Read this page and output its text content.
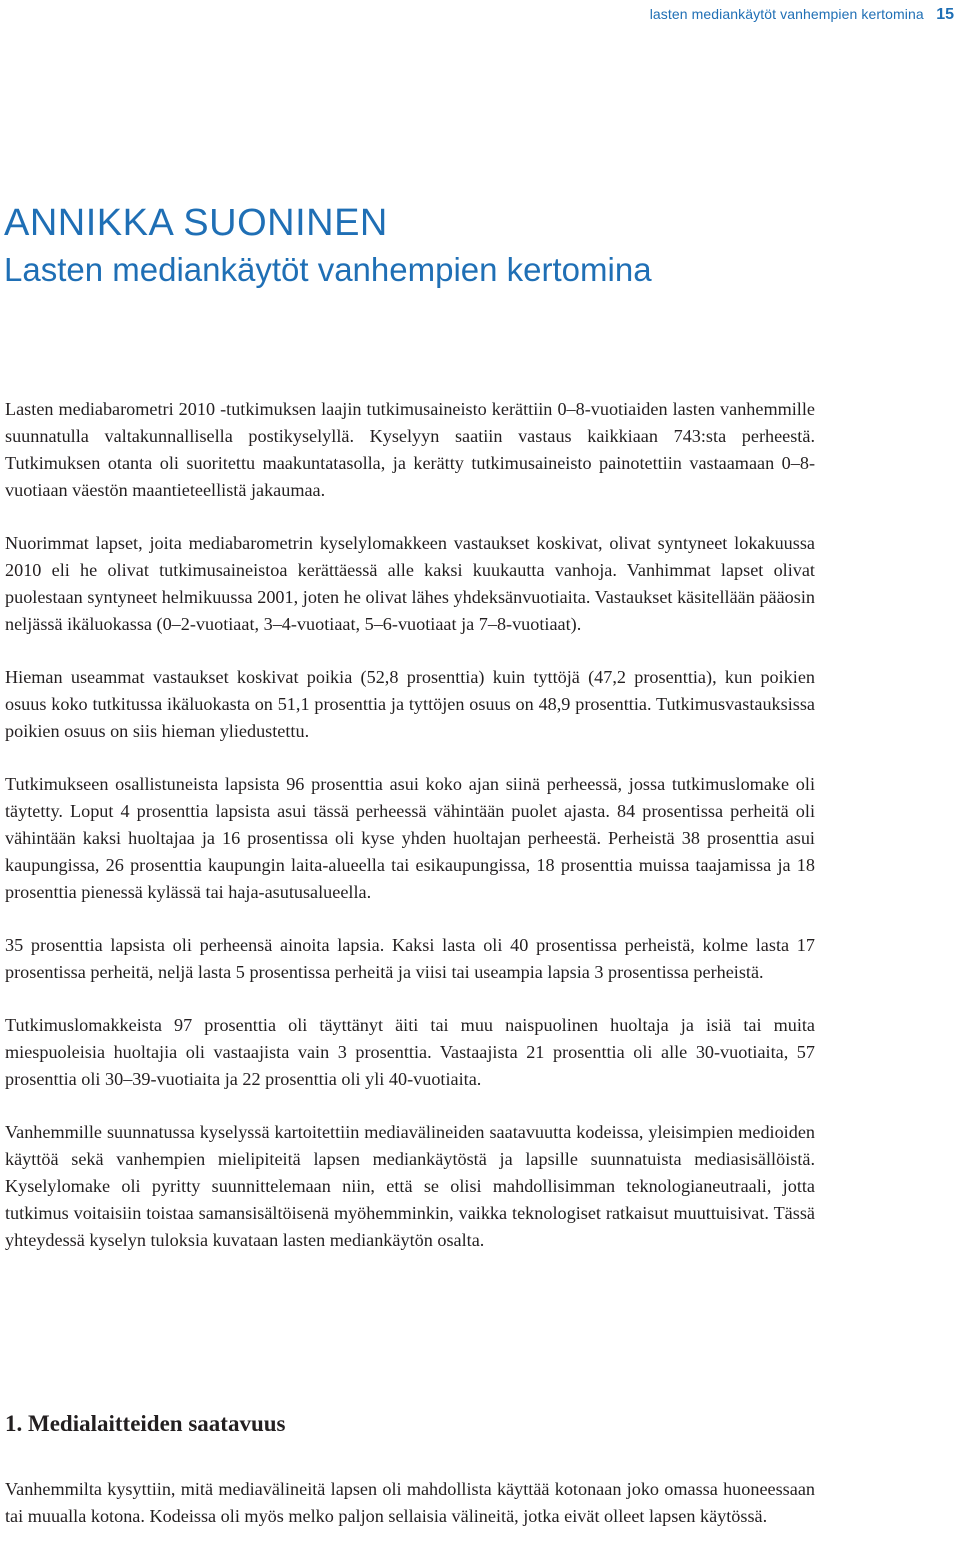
lasten mediankäytöt vanhempien kertomina 15
ANNIKKA SUONINEN
Lasten mediankäytöt vanhempien kertomina

Lasten mediabarometri 2010 -tutkimuksen laajin tutkimusaineisto kerättiin 0–8-vuotiaiden lasten vanhemmille suunnatulla valtakunnallisella postikyselyllä. Kyselyyn saatiin vastaus kaikkiaan 743:sta perheestä. Tutkimuksen otanta oli suoritettu maakuntatasolla, ja kerätty tutkimusaineisto painotettiin vastaamaan 0–8-vuotiaan väestön maantieteellistä jakaumaa.

Nuorimmat lapset, joita mediabarometrin kyselylomakkeen vastaukset koskivat, olivat syntyneet lokakuussa 2010 eli he olivat tutkimusaineistoa kerättäessä alle kaksi kuukautta vanhoja. Vanhimmat lapset olivat puolestaan syntyneet helmikuussa 2001, joten he olivat lähes yhdeksänvuotiaita. Vastaukset käsitellään pääosin neljässä ikäluokassa (0–2-vuotiaat, 3–4-vuotiaat, 5–6-vuotiaat ja 7–8-vuotiaat).

Hieman useammat vastaukset koskivat poikia (52,8 prosenttia) kuin tyttöjä (47,2 prosenttia), kun poikien osuus koko tutkitussa ikäluokasta on 51,1 prosenttia ja tyttöjen osuus on 48,9 prosenttia. Tutkimusvastauksissa poikien osuus on siis hieman yliedustettu.

Tutkimukseen osallistuneista lapsista 96 prosenttia asui koko ajan siinä perheessä, jossa tutkimuslomake oli täytetty. Loput 4 prosenttia lapsista asui tässä perheessä vähintään puolet ajasta. 84 prosentissa perheitä oli vähintään kaksi huoltajaa ja 16 prosentissa oli kyse yhden huoltajan perheestä. Perheistä 38 prosenttia asui kaupungissa, 26 prosenttia kaupungin laita-alueella tai esikaupungissa, 18 prosenttia muissa taajamissa ja 18 prosenttia pienessä kylässä tai haja-asutusalueella.

35 prosenttia lapsista oli perheensä ainoita lapsia. Kaksi lasta oli 40 prosentissa perheistä, kolme lasta 17 prosentissa perheitä, neljä lasta 5 prosentissa perheitä ja viisi tai useampia lapsia 3 prosentissa perheistä.

Tutkimuslomakkeista 97 prosenttia oli täyttänyt äiti tai muu naispuolinen huoltaja ja isiä tai muita miespuoleisia huoltajia oli vastaajista vain 3 prosenttia. Vastaajista 21 prosenttia oli alle 30-vuotiaita, 57 prosenttia oli 30–39-vuotiaita ja 22 prosenttia oli yli 40-vuotiaita.

Vanhemmille suunnatussa kyselyssä kartoitettiin mediavälineiden saatavuutta kodeissa, yleisimpien medioiden käyttöä sekä vanhempien mielipiteitä lapsen mediankäytöstä ja lapsille suunnatuista mediasisällöistä. Kyselylomake oli pyritty suunnittelemaan niin, että se olisi mahdollisimman teknologianeutraali, jotta tutkimus voitaisiin toistaa samansisältöisenä myöhemminkin, vaikka teknologiset ratkaisut muuttuisivat. Tässä yhteydessä kyselyn tuloksia kuvataan lasten mediankäytön osalta.

1. Medialaitteiden saatavuus

Vanhemmilta kysyttiin, mitä mediavälineitä lapsen oli mahdollista käyttää kotonaan joko omassa huoneessaan tai muualla kotona. Kodeissa oli myös melko paljon sellaisia välineitä, jotka eivät olleet lapsen käytössä.
